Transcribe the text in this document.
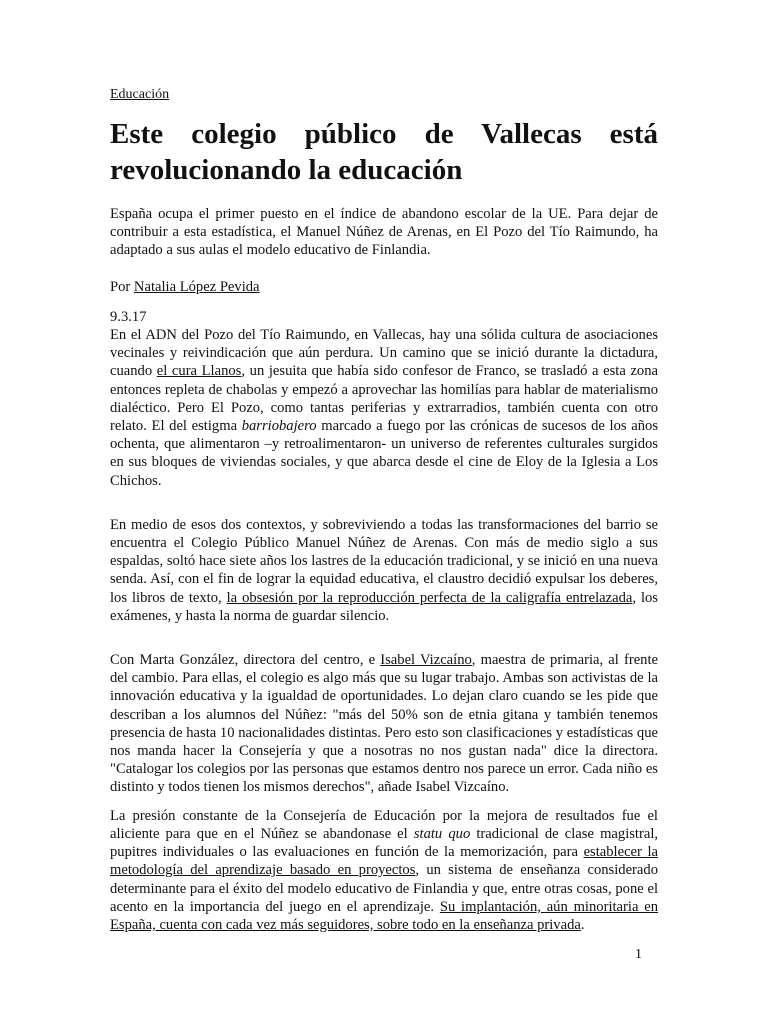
Educación
Este colegio público de Vallecas está revolucionando la educación

España ocupa el primer puesto en el índice de abandono escolar de la UE. Para dejar de contribuir a esta estadística, el Manuel Núñez de Arenas, en El Pozo del Tío Raimundo, ha adaptado a sus aulas el modelo educativo de Finlandia.

Por Natalia López Pevida

9.3.17

En el ADN del Pozo del Tío Raimundo, en Vallecas, hay una sólida cultura de asociaciones vecinales y reivindicación que aún perdura. Un camino que se inició durante la dictadura, cuando el cura Llanos, un jesuita que había sido confesor de Franco, se trasladó a esta zona entonces repleta de chabolas y empezó a aprovechar las homilías para hablar de materialismo dialéctico. Pero El Pozo, como tantas periferias y extrarradios, también cuenta con otro relato. El del estigma barriobajero marcado a fuego por las crónicas de sucesos de los años ochenta, que alimentaron –y retroalimentaron- un universo de referentes culturales surgidos en sus bloques de viviendas sociales, y que abarca desde el cine de Eloy de la Iglesia a Los Chichos.

En medio de esos dos contextos, y sobreviviendo a todas las transformaciones del barrio se encuentra el Colegio Público Manuel Núñez de Arenas. Con más de medio siglo a sus espaldas, soltó hace siete años los lastres de la educación tradicional, y se inició en una nueva senda. Así, con el fin de lograr la equidad educativa, el claustro decidió expulsar los deberes, los libros de texto, la obsesión por la reproducción perfecta de la caligrafía entrelazada, los exámenes, y hasta la norma de guardar silencio.

Con Marta González, directora del centro, e Isabel Vizcaíno, maestra de primaria, al frente del cambio. Para ellas, el colegio es algo más que su lugar trabajo. Ambas son activistas de la innovación educativa y la igualdad de oportunidades. Lo dejan claro cuando se les pide que describan a los alumnos del Núñez: "más del 50% son de etnia gitana y también tenemos presencia de hasta 10 nacionalidades distintas. Pero esto son clasificaciones y estadísticas que nos manda hacer la Consejería y que a nosotras no nos gustan nada" dice la directora. "Catalogar los colegios por las personas que estamos dentro nos parece un error. Cada niño es distinto y todos tienen los mismos derechos", añade Isabel Vizcaíno.

La presión constante de la Consejería de Educación por la mejora de resultados fue el aliciente para que en el Núñez se abandonase el statu quo tradicional de clase magistral, pupitres individuales o las evaluaciones en función de la memorización, para establecer la metodología del aprendizaje basado en proyectos, un sistema de enseñanza considerado determinante para el éxito del modelo educativo de Finlandia y que, entre otras cosas, pone el acento en la importancia del juego en el aprendizaje. Su implantación, aún minoritaria en España, cuenta con cada vez más seguidores, sobre todo en la enseñanza privada.

1
